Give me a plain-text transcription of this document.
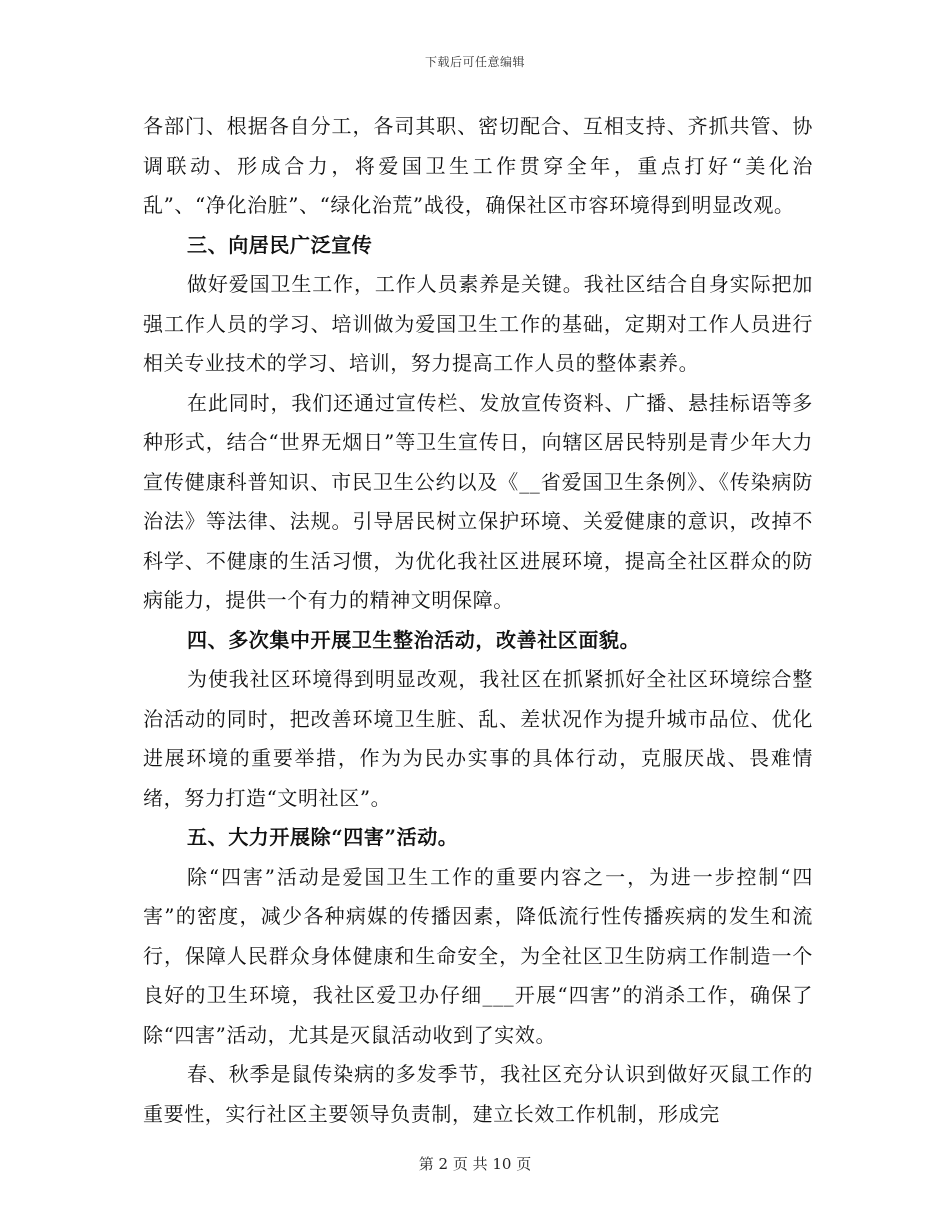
下载后可任意编辑

各部门、根据各自分工，各司其职、密切配合、互相支持、齐抓共管、协调联动、形成合力，将爱国卫生工作贯穿全年，重点打好“美化治乱”、“净化治脏”、“绿化治荒”战役，确保社区市容环境得到明显改观。

三、向居民广泛宣传

做好爱国卫生工作，工作人员素养是关键。我社区结合自身实际把加强工作人员的学习、培训做为爱国卫生工作的基础，定期对工作人员进行相关专业技术的学习、培训，努力提高工作人员的整体素养。

在此同时，我们还通过宣传栏、发放宣传资料、广播、悬挂标语等多种形式，结合“世界无烟日”等卫生宣传日，向辖区居民特别是青少年大力宣传健康科普知识、市民卫生公约以及《__省爱国卫生条例》、《传染病防治法》等法律、法规。引导居民树立保护环境、关爱健康的意识，改掉不科学、不健康的生活习惯，为优化我社区进展环境，提高全社区群众的防病能力，提供一个有力的精神文明保障。

四、多次集中开展卫生整治活动，改善社区面貌。

为使我社区环境得到明显改观，我社区在抓紧抓好全社区环境综合整治活动的同时，把改善环境卫生脏、乱、差状况作为提升城市品位、优化进展环境的重要举措，作为为民办实事的具体行动，克服厌战、畏难情绪，努力打造“文明社区”。

五、大力开展除“四害”活动。

除“四害”活动是爱国卫生工作的重要内容之一，为进一步控制“四害”的密度，减少各种病媒的传播因素，降低流行性传播疾病的发生和流行，保障人民群众身体健康和生命安全，为全社区卫生防病工作制造一个良好的卫生环境，我社区爱卫办仔细___开展“四害”的消杀工作，确保了除“四害”活动，尤其是灭鼠活动收到了实效。

春、秋季是鼠传染病的多发季节，我社区充分认识到做好灭鼠工作的重要性，实行社区主要领导负责制，建立长效工作机制，形成完

第 2 页 共 10 页
